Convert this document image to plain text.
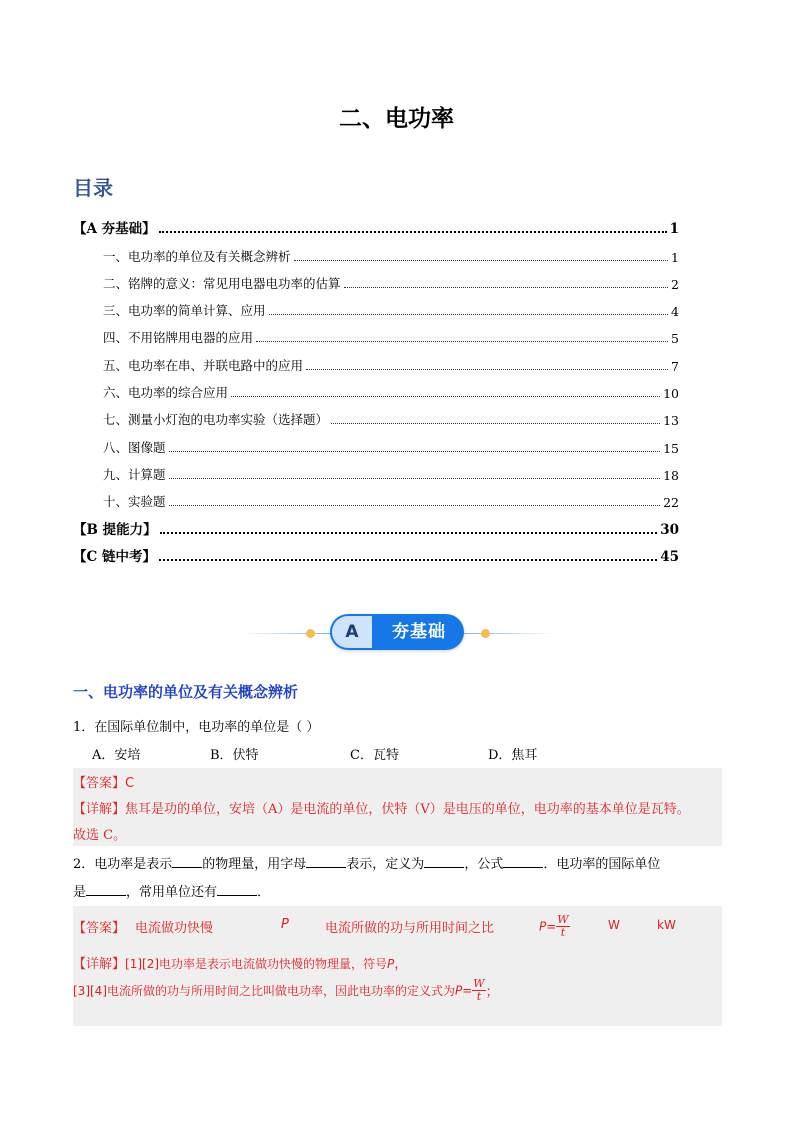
二、电功率
目录
【A 夯基础】	1
一、电功率的单位及有关概念辨析	1
二、铭牌的意义：常见用电器电功率的估算	2
三、电功率的简单计算、应用	4
四、不用铭牌用电器的应用	5
五、电功率在串、并联电路中的应用	7
六、电功率的综合应用	10
七、测量小灯泡的电功率实验（选择题）	13
八、图像题	15
九、计算题	18
十、实验题	22
【B 提能力】	30
【C 链中考】	45
A	夯基础
一、电功率的单位及有关概念辨析
1．在国际单位制中，电功率的单位是（ ）
A．安培	B．伏特	C．瓦特	D．焦耳
【答案】C
【详解】焦耳是功的单位，安培（A）是电流的单位，伏特（V）是电压的单位，电功率的基本单位是瓦特。
故选 C。
2．电功率是表示 的物理量，用字母	表示，定义为	，公式	．电功率的国际单位
是	，常用单位还有	．
【答案】 电流做功快慢	P	电流所做的功与所用时间之比	$P= \frac{W}{t}$	W	kW
【详解】[1][2]电功率是表示电流做功快慢的物理量，符号P，
[3][4]电流所做的功与所用时间之比叫做电功率，因此电功率的定义式为$P= \frac{W}{t}$ ；
